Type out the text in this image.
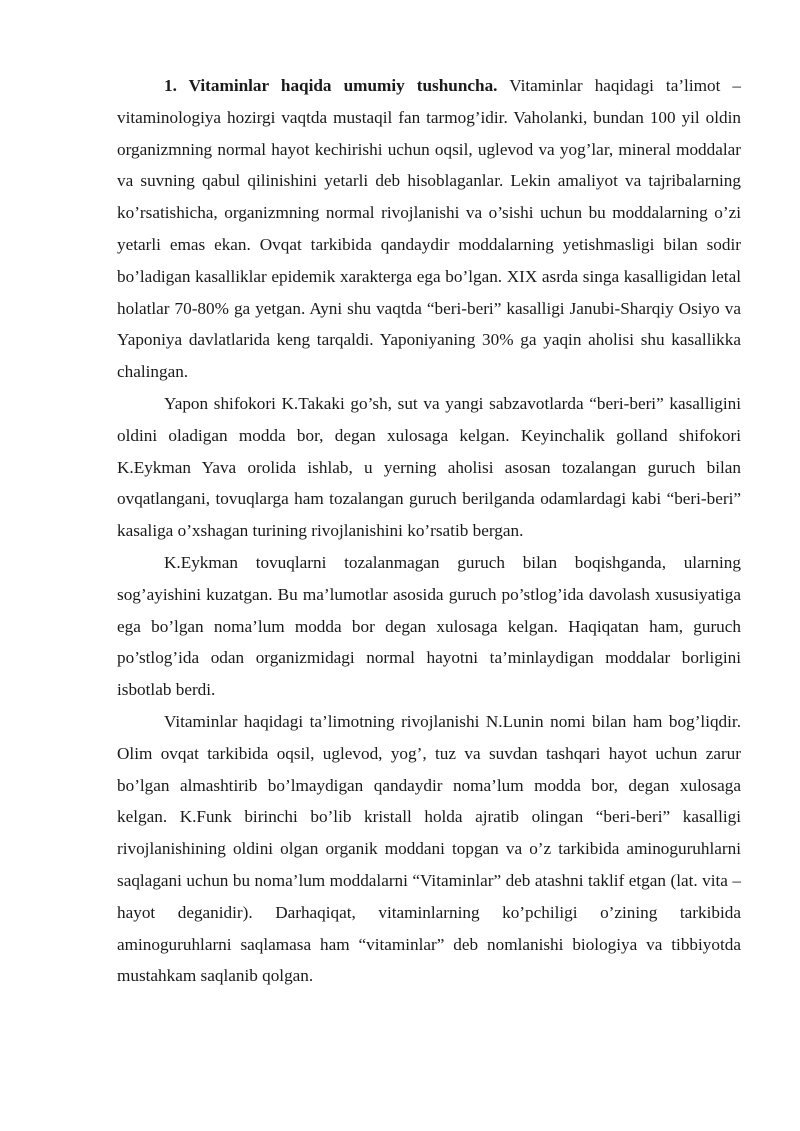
1. Vitaminlar haqida umumiy tushuncha. Vitaminlar haqidagi ta’limot – vitaminologiya hozirgi vaqtda mustaqil fan tarmog’idir. Vaholanki, bundan 100 yil oldin organizmning normal hayot kechirishi uchun oqsil, uglevod va yog’lar, mineral moddalar va suvning qabul qilinishini yetarli deb hisoblaganlar. Lekin amaliyot va tajribalarning ko’rsatishicha, organizmning normal rivojlanishi va o’sishi uchun bu moddalarning o’zi yetarli emas ekan. Ovqat tarkibida qandaydir moddalarning yetishmasligi bilan sodir bo’ladigan kasalliklar epidemik xarakterga ega bo’lgan. XIX asrda singa kasalligidan letal holatlar 70-80% ga yetgan. Ayni shu vaqtda “beri-beri” kasalligi Janubi-Sharqiy Osiyo va Yaponiya davlatlarida keng tarqaldi. Yaponiyaning 30% ga yaqin aholisi shu kasallikka chalingan.

Yapon shifokori K.Takaki go’sh, sut va yangi sabzavotlarda “beri-beri” kasalligini oldini oladigan modda bor, degan xulosaga kelgan. Keyinchalik golland shifokori K.Eykman Yava orolida ishlab, u yerning aholisi asosan tozalangan guruch bilan ovqatlangani, tovuqlarga ham tozalangan guruch berilganda odamlardagi kabi “beri-beri” kasaliga o’xshagan turining rivojlanishini ko’rsatib bergan.

K.Eykman tovuqlarni tozalanmagan guruch bilan boqishganda, ularning sog’ayishini kuzatgan. Bu ma’lumotlar asosida guruch po’stlog’ida davolash xususiyatiga ega bo’lgan noma’lum modda bor degan xulosaga kelgan. Haqiqatan ham, guruch po’stlog’ida odan organizmidagi normal hayotni ta’minlaydigan moddalar borligini isbotlab berdi.

Vitaminlar haqidagi ta’limotning rivojlanishi N.Lunin nomi bilan ham bog’liqdir. Olim ovqat tarkibida oqsil, uglevod, yog’, tuz va suvdan tashqari hayot uchun zarur bo’lgan almashtirib bo’lmaydigan qandaydir noma’lum modda bor, degan xulosaga kelgan. K.Funk birinchi bo’lib kristall holda ajratib olingan “beri-beri” kasalligi rivojlanishining oldini olgan organik moddani topgan va o’z tarkibida aminoguruhlarni saqlagani uchun bu noma’lum moddalarni “Vitaminlar” deb atashni taklif etgan (lat. vita – hayot deganidir). Darhaqiqat, vitaminlarning ko’pchiligi o’zining tarkibida aminoguruhlarni saqlamasa ham “vitaminlar” deb nomlanishi biologiya va tibbiyotda mustahkam saqlanib qolgan.
